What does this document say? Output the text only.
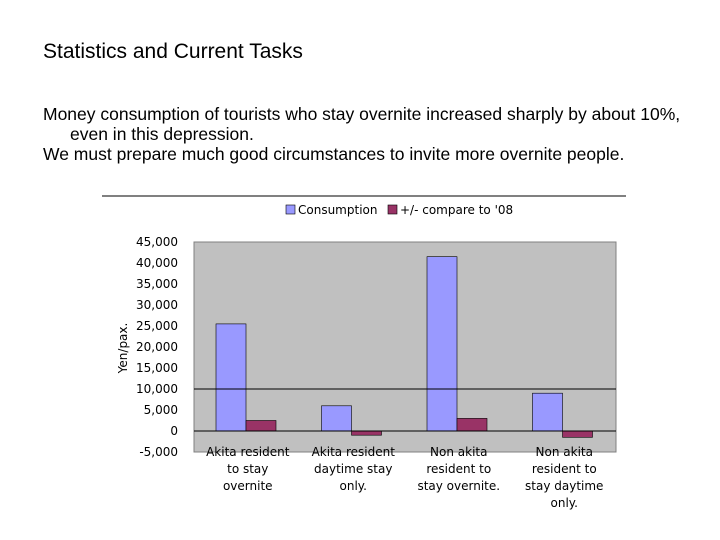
Statistics and Current Tasks

Money consumption of tourists who stay overnite increased sharply by about 10%, even in this depression.

We must prepare much good circumstances to invite more overnite people.

Consumption +/- compare to '08
45,000
40,000
35,000
30,000
25,000
20,000
15,000
10,000
5,000
0
-5,000 Akita resident
to stay
overnite
Akita resident
daytime stay
only.
Non akita
resident to
stay overnite.
Non akita
resident to
stay daytime
only.
Yen/pax.
